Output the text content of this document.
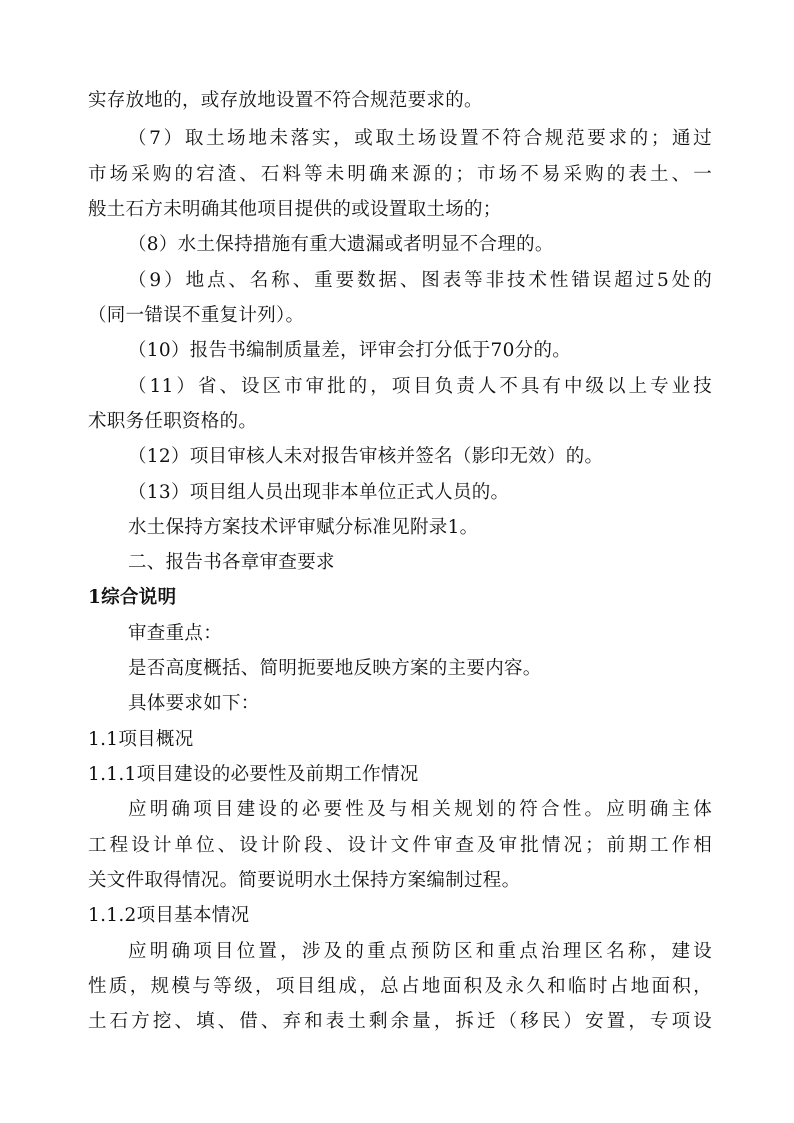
实存放地的，或存放地设置不符合规范要求的。
（7）取土场地未落实，或取土场设置不符合规范要求的；通过
市场采购的宕渣、石料等未明确来源的；市场不易采购的表土、一
般土石方未明确其他项目提供的或设置取土场的；
（8）水土保持措施有重大遗漏或者明显不合理的。
（9）地点、名称、重要数据、图表等非技术性错误超过5处的
（同一错误不重复计列）。
（10）报告书编制质量差，评审会打分低于70分的。
（11）省、设区市审批的，项目负责人不具有中级以上专业技
术职务任职资格的。
（12）项目审核人未对报告审核并签名（影印无效）的。
（13）项目组人员出现非本单位正式人员的。
水土保持方案技术评审赋分标准见附录1。
二、报告书各章审查要求
1综合说明
审查重点：
是否高度概括、简明扼要地反映方案的主要内容。
具体要求如下：
1.1项目概况
1.1.1项目建设的必要性及前期工作情况
应明确项目建设的必要性及与相关规划的符合性。应明确主体
工程设计单位、设计阶段、设计文件审查及审批情况；前期工作相
关文件取得情况。简要说明水土保持方案编制过程。
1.1.2项目基本情况
应明确项目位置，涉及的重点预防区和重点治理区名称，建设
性质，规模与等级，项目组成，总占地面积及永久和临时占地面积，
土石方挖、填、借、弃和表土剩余量，拆迁（移民）安置，专项设
